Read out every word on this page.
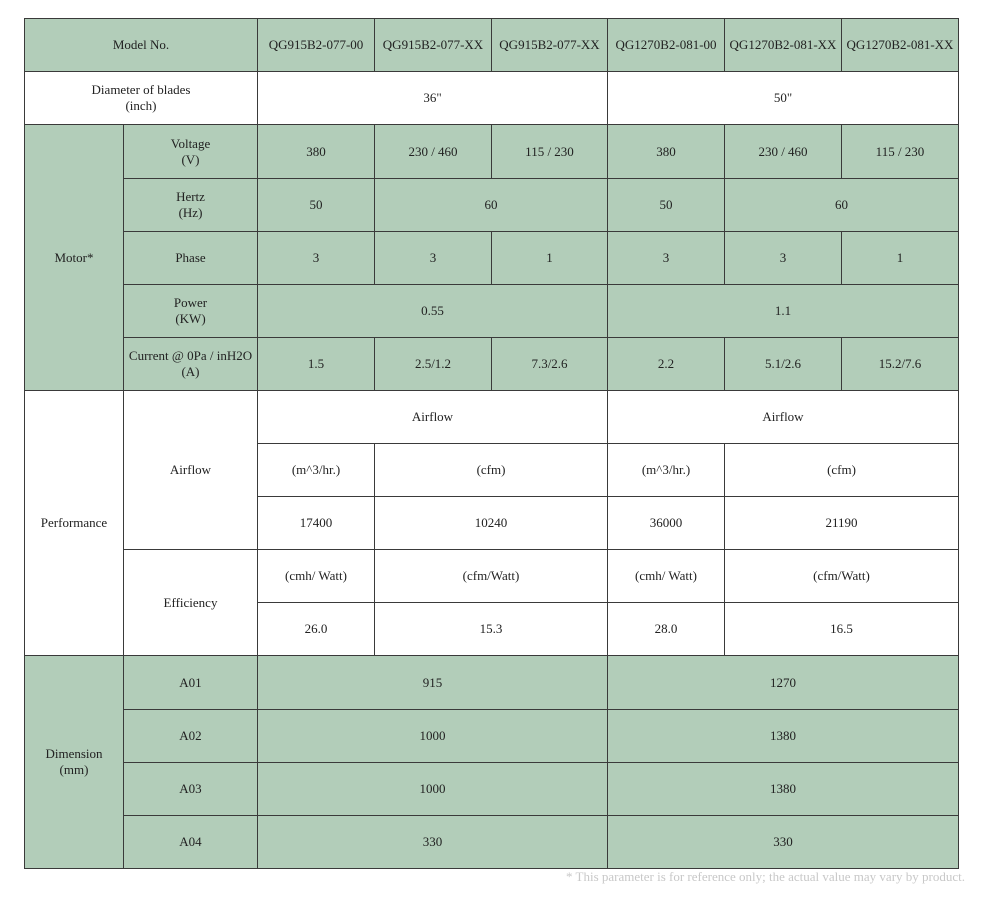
Model No.		QG915B2-077-00	QG915B2-077-XX	QG915B2-077-XX	QG1270B2-081-00	QG1270B2-081-XX	QG1270B2-081-XX

Diameter of blades
(inch)		36"			50"		
Motor*	Voltage
(V)	380	230 / 460	115 / 230	380	230 / 460	115 / 230

	Hertz
(Hz)	50	60		50	60	
	Phase	3	3	1	3	3	1

	Power
(KW)	0.55			1.1		

	Current @ 0Pa / inH2O
(A)	1.5	2.5/1.2	7.3/2.6	2.2	5.1/2.6	15.2/7.6
Performance	Airflow	Airflow			Airflow		
		(m^3/hr.)	(cfm)		(m^3/hr.)	(cfm)	
		17400	10240		36000	21190	
	Efficiency	(cmh/ Watt)	(cfm/Watt)		(cmh/ Watt)	(cfm/Watt)	
		26.0	15.3		28.0	16.5	

Dimension
(mm)	A01	915			1270		
	A02	1000			1380		
	A03	1000			1380		
	A04	330			330		
* This parameter is for reference only; the actual value may vary by product.
